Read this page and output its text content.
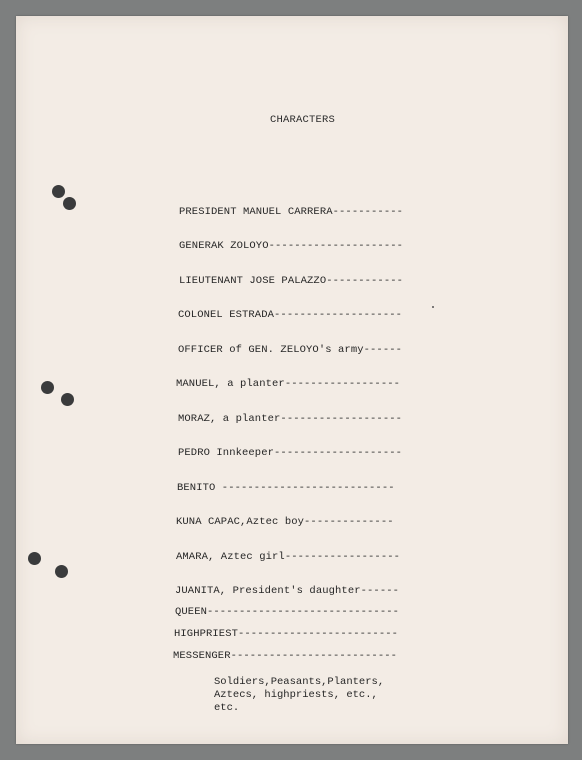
CHARACTERS
PRESIDENT MANUEL CARRERA-----------
GENERAK ZOLOYO---------------------
LIEUTENANT JOSE PALAZZO------------
COLONEL ESTRADA--------------------
OFFICER of GEN. ZELOYO's army------
MANUEL, a planter------------------
MORAZ, a planter-------------------
PEDRO Innkeeper--------------------
BENITO ---------------------------
KUNA CAPAC,Aztec boy--------------
AMARA, Aztec girl------------------
JUANITA, President's daughter------
QUEEN------------------------------
HIGHPRIEST-------------------------
MESSENGER--------------------------
Soldiers,Peasants,Planters,
Aztecs, highpriests, etc.,
etc.
